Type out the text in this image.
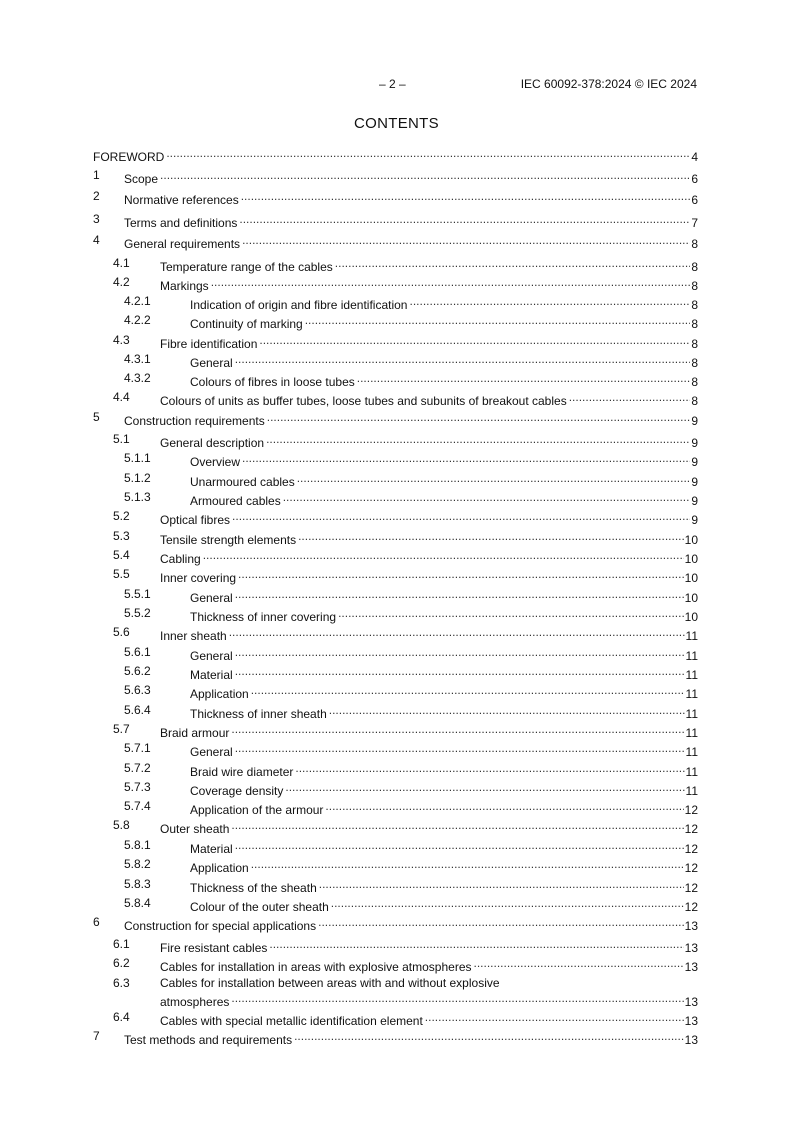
– 2 –	IEC 60092-378:2024 © IEC 2024
CONTENTS
FOREWORD .....	4
1 Scope .....	6
2 Normative references .....	6
3 Terms and definitions .....	7
4 General requirements .....	8
4.1	Temperature range of the cables .....	8
4.2	Markings .....	8
4.2.1	Indication of origin and fibre identification .....	8
4.2.2	Continuity of marking .....	8
4.3	Fibre identification .....	8
4.3.1	General .....	8
4.3.2	Colours of fibres in loose tubes .....	8
4.4	Colours of units as buffer tubes, loose tubes and subunits of breakout cables .....	8
5 Construction requirements .....	9
5.1	General description .....	9
5.1.1	Overview .....	9
5.1.2	Unarmoured cables .....	9
5.1.3	Armoured cables .....	9
5.2	Optical fibres .....	9
5.3	Tensile strength elements .....	10
5.4	Cabling .....	10
5.5	Inner covering .....	10
5.5.1	General .....	10
5.5.2	Thickness of inner covering .....	10
5.6	Inner sheath .....	11
5.6.1	General .....	11
5.6.2	Material .....	11
5.6.3	Application .....	11
5.6.4	Thickness of inner sheath .....	11
5.7	Braid armour .....	11
5.7.1	General .....	11
5.7.2	Braid wire diameter .....	11
5.7.3	Coverage density .....	11
5.7.4	Application of the armour .....	12
5.8	Outer sheath .....	12
5.8.1	Material .....	12
5.8.2	Application .....	12
5.8.3	Thickness of the sheath .....	12
5.8.4	Colour of the outer sheath .....	12
6 Construction for special applications .....	13
6.1	Fire resistant cables .....	13
6.2	Cables for installation in areas with explosive atmospheres .....	13
6.3	Cables for installation between areas with and without explosive
atmospheres .....	13
6.4	Cables with special metallic identification element .....	13
7 Test methods and requirements .....	13
